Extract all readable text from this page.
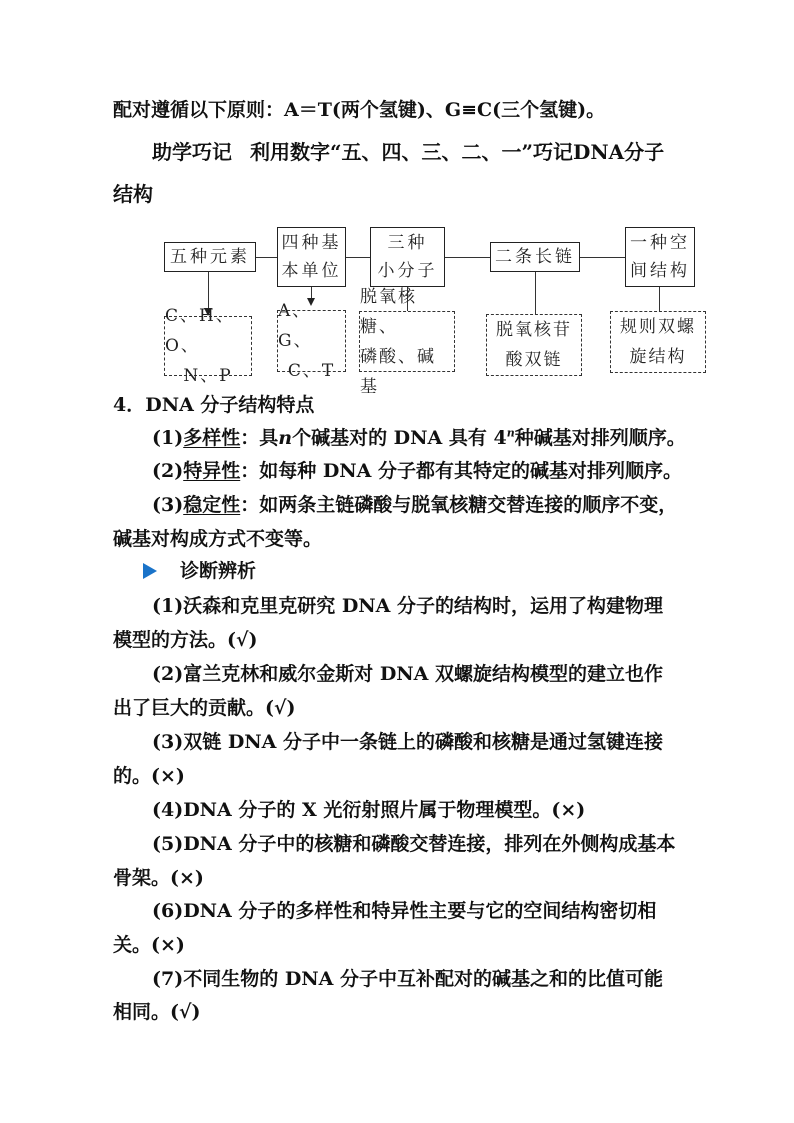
配对遵循以下原则：A＝T(两个氢键)、G≡C(三个氢键)。
助学巧记 利用数字“五、四、三、二、一”巧记DNA分子
结构
五种元素
四种基
本单位
三种
小分子
二条长链
一种空
间结构
C、H、O、
N、P
A、G、
C、T
脱氧核糖、
磷酸、碱基
脱氧核苷
酸双链
规则双螺
旋结构
4．DNA 分子结构特点
(1)多样性：具n个碱基对的 DNA 具有 4$^n$种碱基对排列顺序。
(2)特异性：如每种 DNA 分子都有其特定的碱基对排列顺序。
(3)稳定性：如两条主链磷酸与脱氧核糖交替连接的顺序不变，
碱基对构成方式不变等。
诊断辨析
(1)沃森和克里克研究 DNA 分子的结构时，运用了构建物理
模型的方法。(√)
(2)富兰克林和威尔金斯对 DNA 双螺旋结构模型的建立也作
出了巨大的贡献。(√)
(3)双链 DNA 分子中一条链上的磷酸和核糖是通过氢键连接
的。(×)
(4)DNA 分子的 X 光衍射照片属于物理模型。(×)
(5)DNA 分子中的核糖和磷酸交替连接，排列在外侧构成基本
骨架。(×)
(6)DNA 分子的多样性和特异性主要与它的空间结构密切相
关。(×)
(7)不同生物的 DNA 分子中互补配对的碱基之和的比值可能
相同。(√)
